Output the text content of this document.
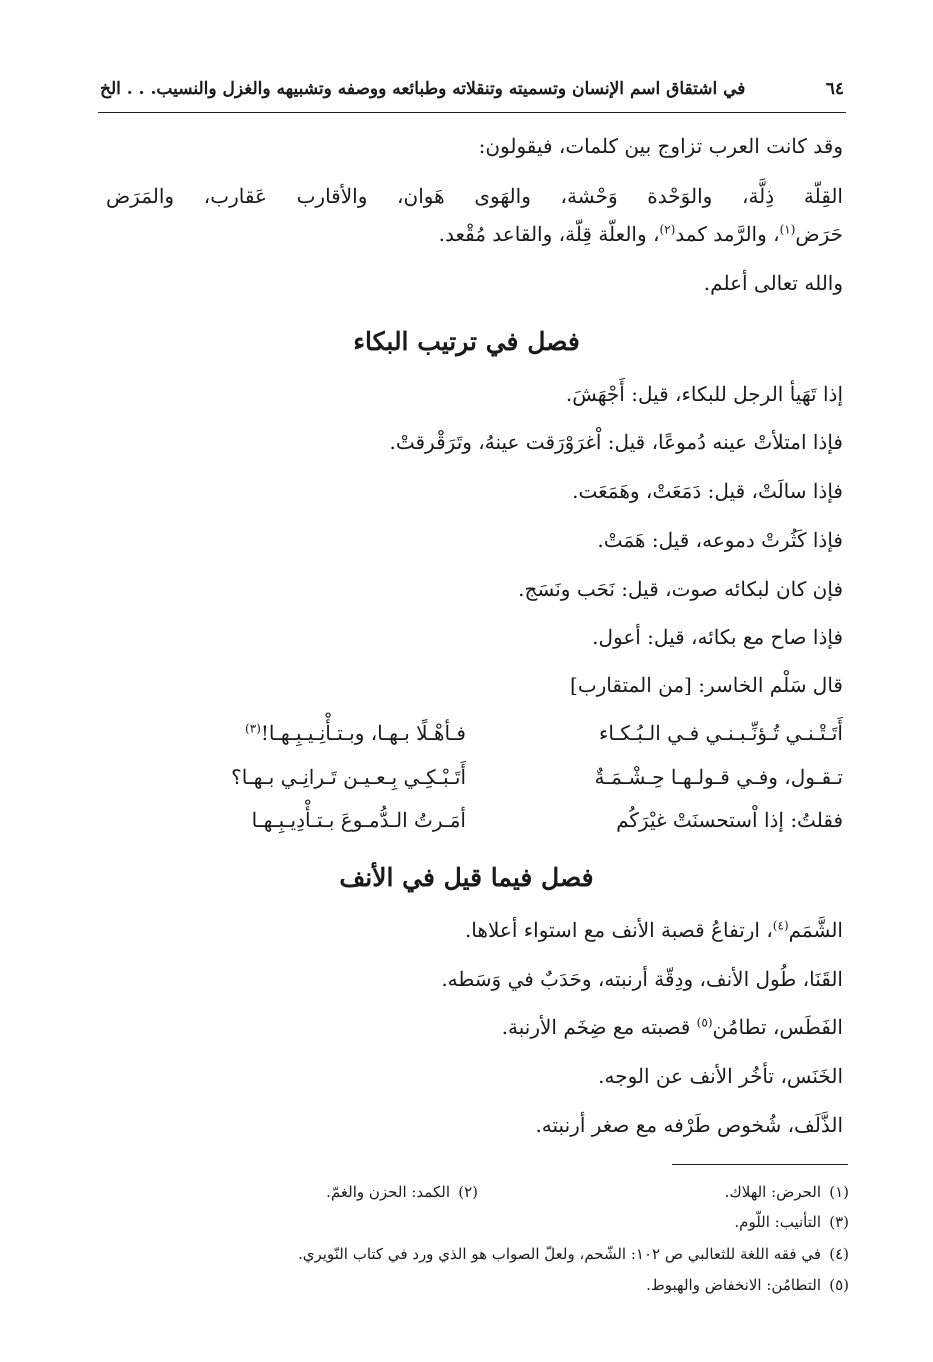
٦٤
في اشتقاق اسم الإنسان وتسميته وتنقلاته وطبائعه ووصفه وتشبيهه والغزل والنسيب. . . الخ
وقد كانت العرب تزاوج بين كلمات، فيقولون:
القِلّة ذِلَّة، والوَحْدة وَحْشة، والهَوى هَوان، والأقارب عَقارب، والمَرَض
حَرَض$^{(١)}$، والرَّمد كمد$^{(٢)}$، والعلّة قِلّة، والقاعد مُقْعد.
والله تعالى أعلم.
فصل في ترتيب البكاء
إذا تَهَيأ الرجل للبكاء، قيل: أَجْهَشَ.
فإذا امتلأتْ عينه دُموعًا، قيل: اْغرَوْرَقت عينهُ، وتَرَقْرقتْ.
فإذا سالَتْ، قيل: دَمَعَتْ، وهَمَعَت.
فإذا كَثُرتْ دموعه، قيل: هَمَتْ.
فإن كان لبكائه صوت، قيل: نَحَب ونَسَج.
فإذا صاح مع بكائه، قيل: أعول.
قال سَلْم الخاسر: [من المتقارب]
أَتَـتْـنـي تُـؤنِّـبـنـي فـي الـبُـكـاء
فـأهْـلًا بـهـا، وبـتـأْنِـيـبِـهـا!$^{(٣)}$
تـقـول، وفـي قـولـهـا حِـشْـمَـةٌ
أَتَـبْـكِـي بِـعـيـن تَـرانِـي بـهـا؟
فقلتُ: إذا اْستحسنَتْ غيْرَكُم
أمَـرتُ الـدُّمـوعَ بـتـأْدِيـبِـهـا
فصل فيما قيل في الأنف
الشَّمَم$^{(٤)}$، ارتفاعُ قصبة الأنف مع استواء أعلاها.
القَنَا، طُول الأنف، ودِقّة أرنبته، وحَدَبٌ في وَسَطه.
الفَطَس، تطامُن$^{(٥)}$ قصبته مع ضِخَم الأرنبة.
الخَنَس، تأخُر الأنف عن الوجه.
الذَّلَف، شُخوص طَرْفه مع صغر أرنبته.
(١)الحرض: الهلاك.
(٢)الكمد: الحزن والغمّ.
(٣)التأنيب: اللّوم.
(٤)في فقه اللغة للثعالبي ص ١٠٢: الشّحم، ولعلّ الصواب هو الذي ورد في كتاب النّويري.
(٥)التطامُن: الانخفاض والهبوط.
